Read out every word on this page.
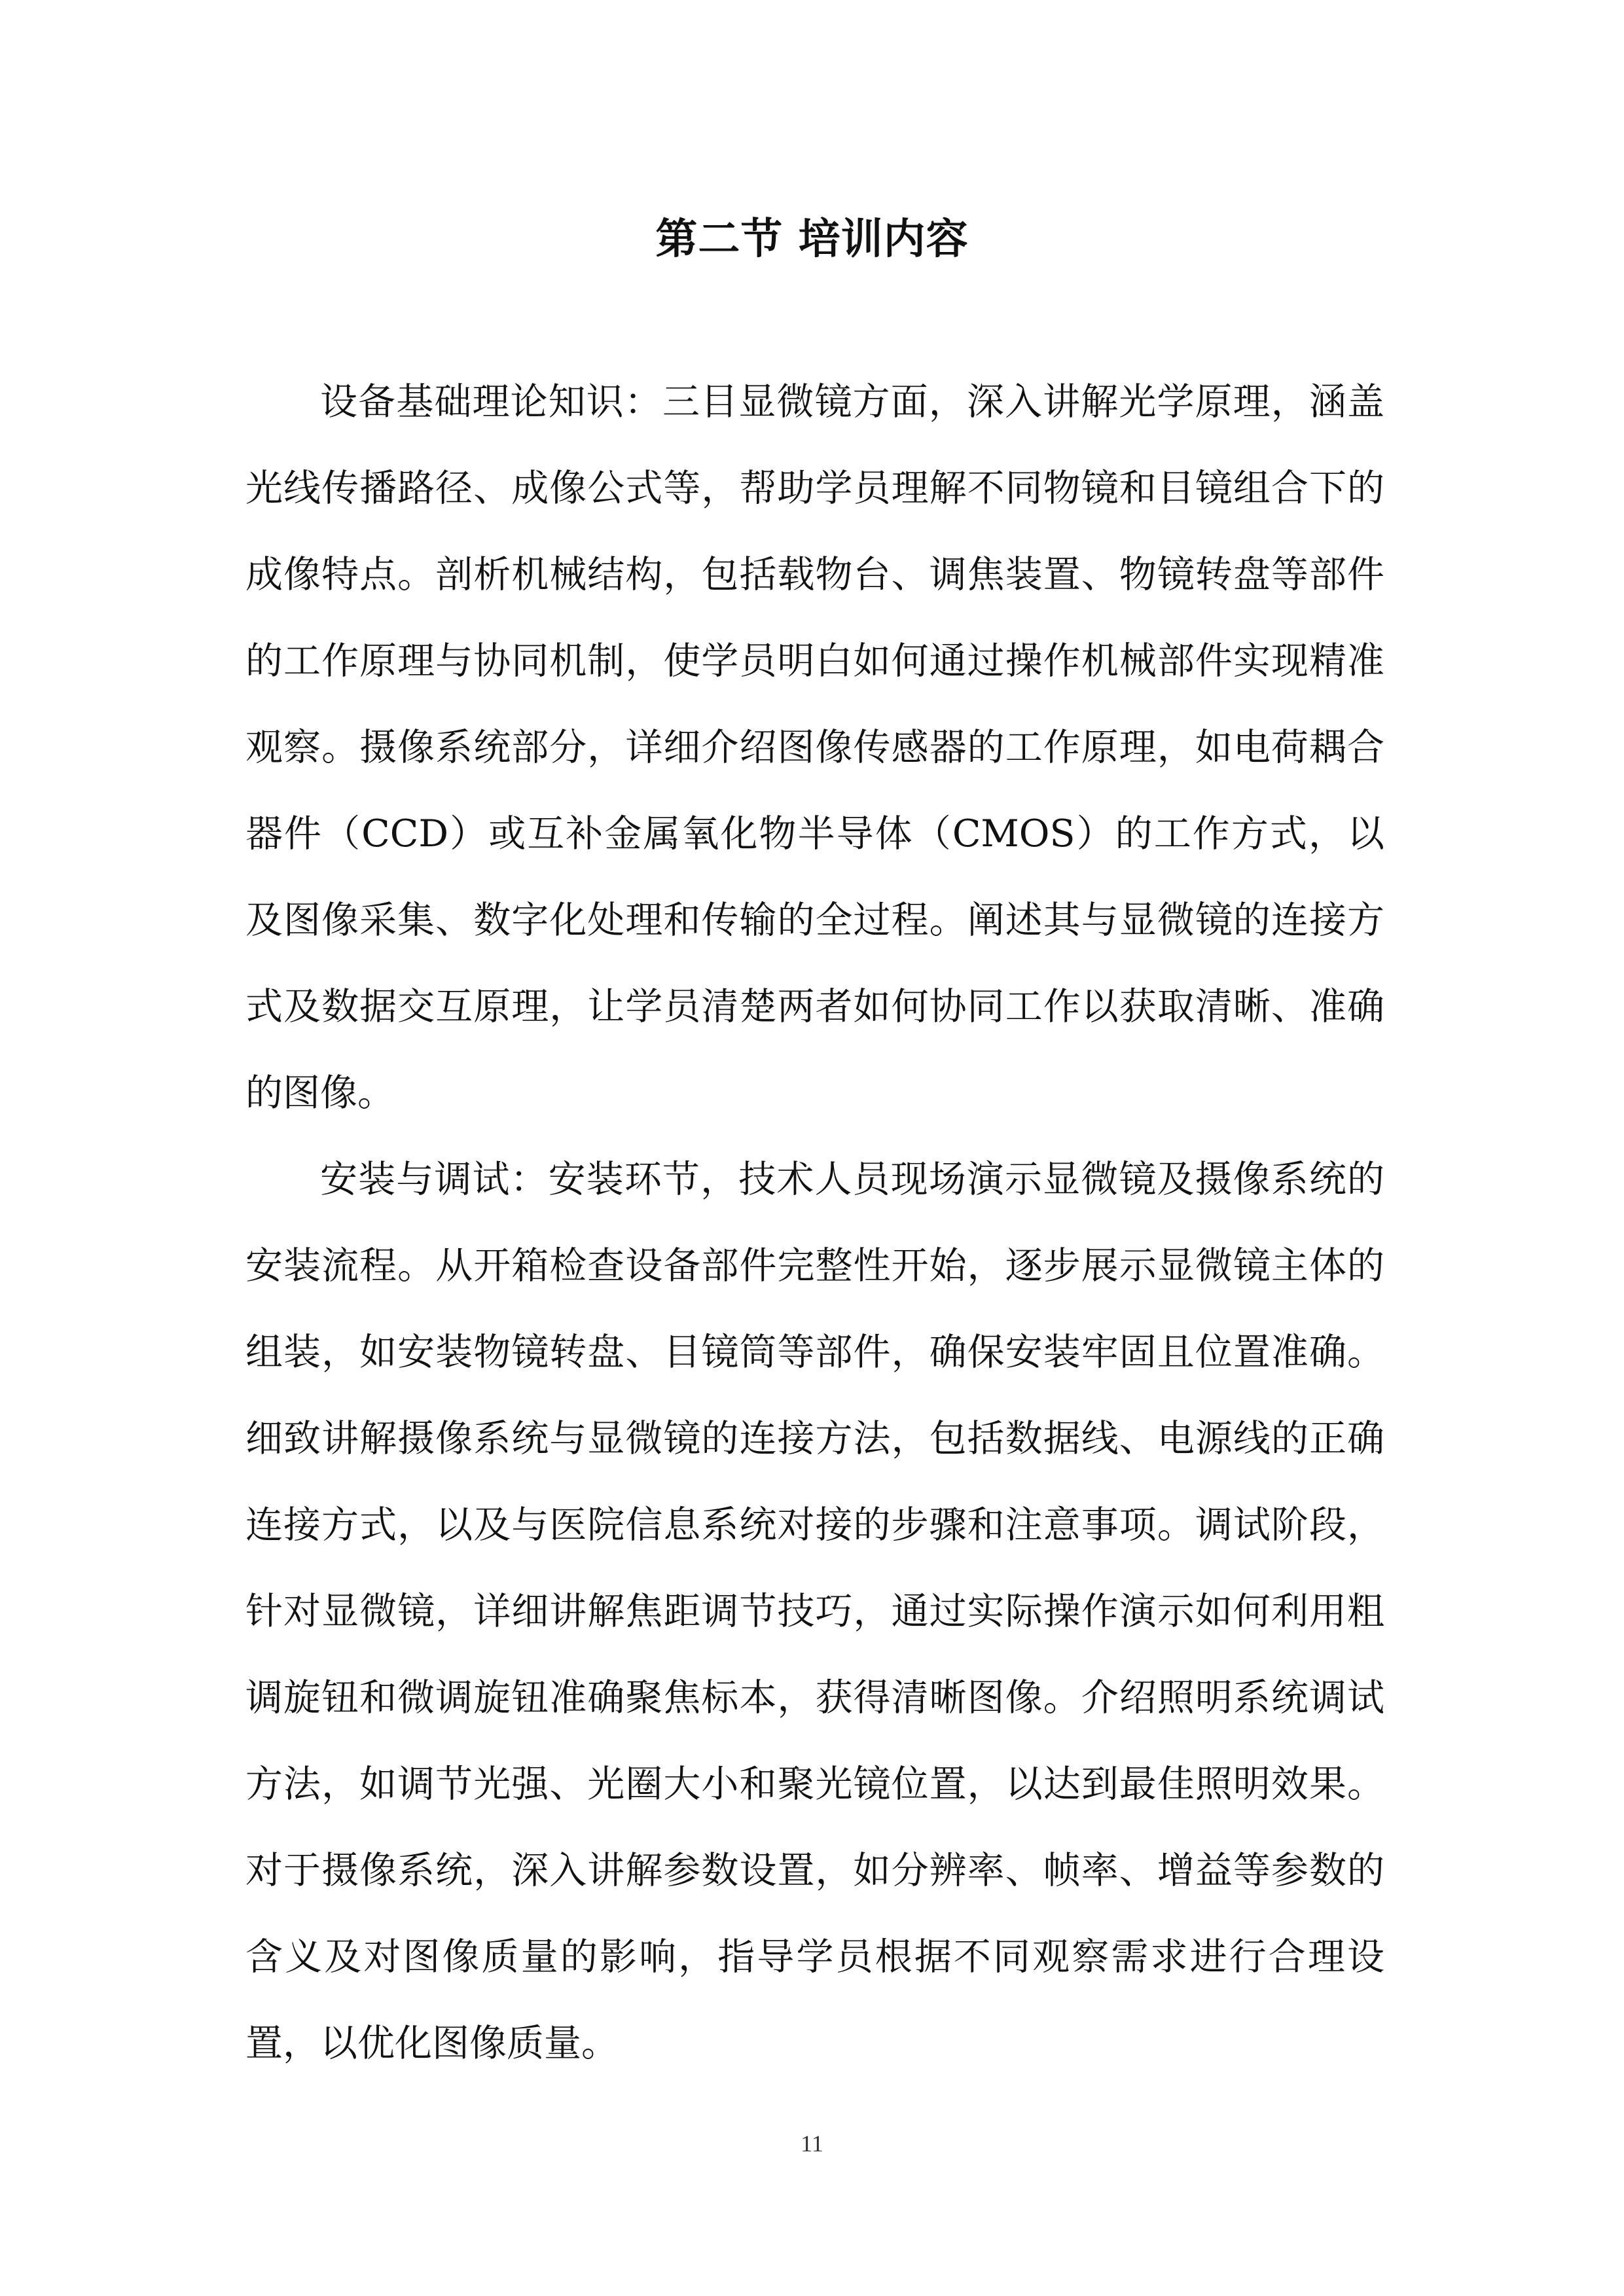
第二节 培训内容

设备基础理论知识：三目显微镜方面，深入讲解光学原理，涵盖光线传播路径、成像公式等，帮助学员理解不同物镜和目镜组合下的成像特点。剖析机械结构，包括载物台、调焦装置、物镜转盘等部件的工作原理与协同机制，使学员明白如何通过操作机械部件实现精准观察。摄像系统部分，详细介绍图像传感器的工作原理，如电荷耦合器件（CCD）或互补金属氧化物半导体（CMOS）的工作方式，以及图像采集、数字化处理和传输的全过程。阐述其与显微镜的连接方式及数据交互原理，让学员清楚两者如何协同工作以获取清晰、准确的图像。

安装与调试：安装环节，技术人员现场演示显微镜及摄像系统的安装流程。从开箱检查设备部件完整性开始，逐步展示显微镜主体的组装，如安装物镜转盘、目镜筒等部件，确保安装牢固且位置准确。细致讲解摄像系统与显微镜的连接方法，包括数据线、电源线的正确连接方式，以及与医院信息系统对接的步骤和注意事项。调试阶段，针对显微镜，详细讲解焦距调节技巧，通过实际操作演示如何利用粗调旋钮和微调旋钮准确聚焦标本，获得清晰图像。介绍照明系统调试方法，如调节光强、光圈大小和聚光镜位置，以达到最佳照明效果。对于摄像系统，深入讲解参数设置，如分辨率、帧率、增益等参数的含义及对图像质量的影响，指导学员根据不同观察需求进行合理设置，以优化图像质量。

11
